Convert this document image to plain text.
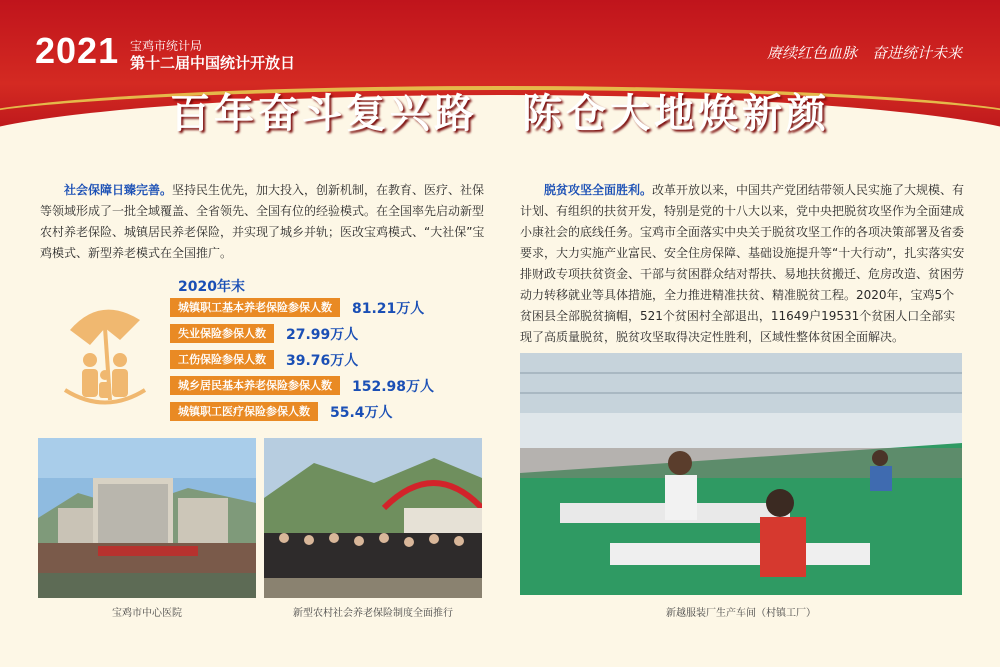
2021 宝鸡市统计局
第十二届中国统计开放日
赓续红色血脉　奋进统计未来
百年奋斗复兴路　陈仓大地焕新颜
社会保障日臻完善。坚持民生优先，加大投入，创新机制，在教育、医疗、社保等领域形成了一批全域覆盖、全省领先、全国有位的经验模式。在全国率先启动新型农村养老保险、城镇居民养老保险，并实现了城乡并轨；医改宝鸡模式、“大社保”宝鸡模式、新型养老模式在全国推广。
2020年末
城镇职工基本养老保险参保人数	81.21万人
失业保险参保人数	27.99万人
工伤保险参保人数	39.76万人
城乡居民基本养老保险参保人数	152.98万人
城镇职工医疗保险参保人数	55.4万人
宝鸡市中心医院	新型农村社会养老保险制度全面推行
脱贫攻坚全面胜利。改革开放以来，中国共产党团结带领人民实施了大规模、有计划、有组织的扶贫开发，特别是党的十八大以来，党中央把脱贫攻坚作为全面建成小康社会的底线任务。宝鸡市全面落实中央关于脱贫攻坚工作的各项决策部署及省委要求，大力实施产业富民、安全住房保障、基础设施提升等“十大行动”，扎实落实安排财政专项扶贫资金、干部与贫困群众结对帮扶、易地扶贫搬迁、危房改造、贫困劳动力转移就业等具体措施，全力推进精准扶贫、精准脱贫工程。2020年，宝鸡5个贫困县全部脱贫摘帽，521个贫困村全部退出，11649户19531个贫困人口全部实现了高质量脱贫，脱贫攻坚取得决定性胜利，区域性整体贫困全面解决。
新越服装厂生产车间（村镇工厂）
